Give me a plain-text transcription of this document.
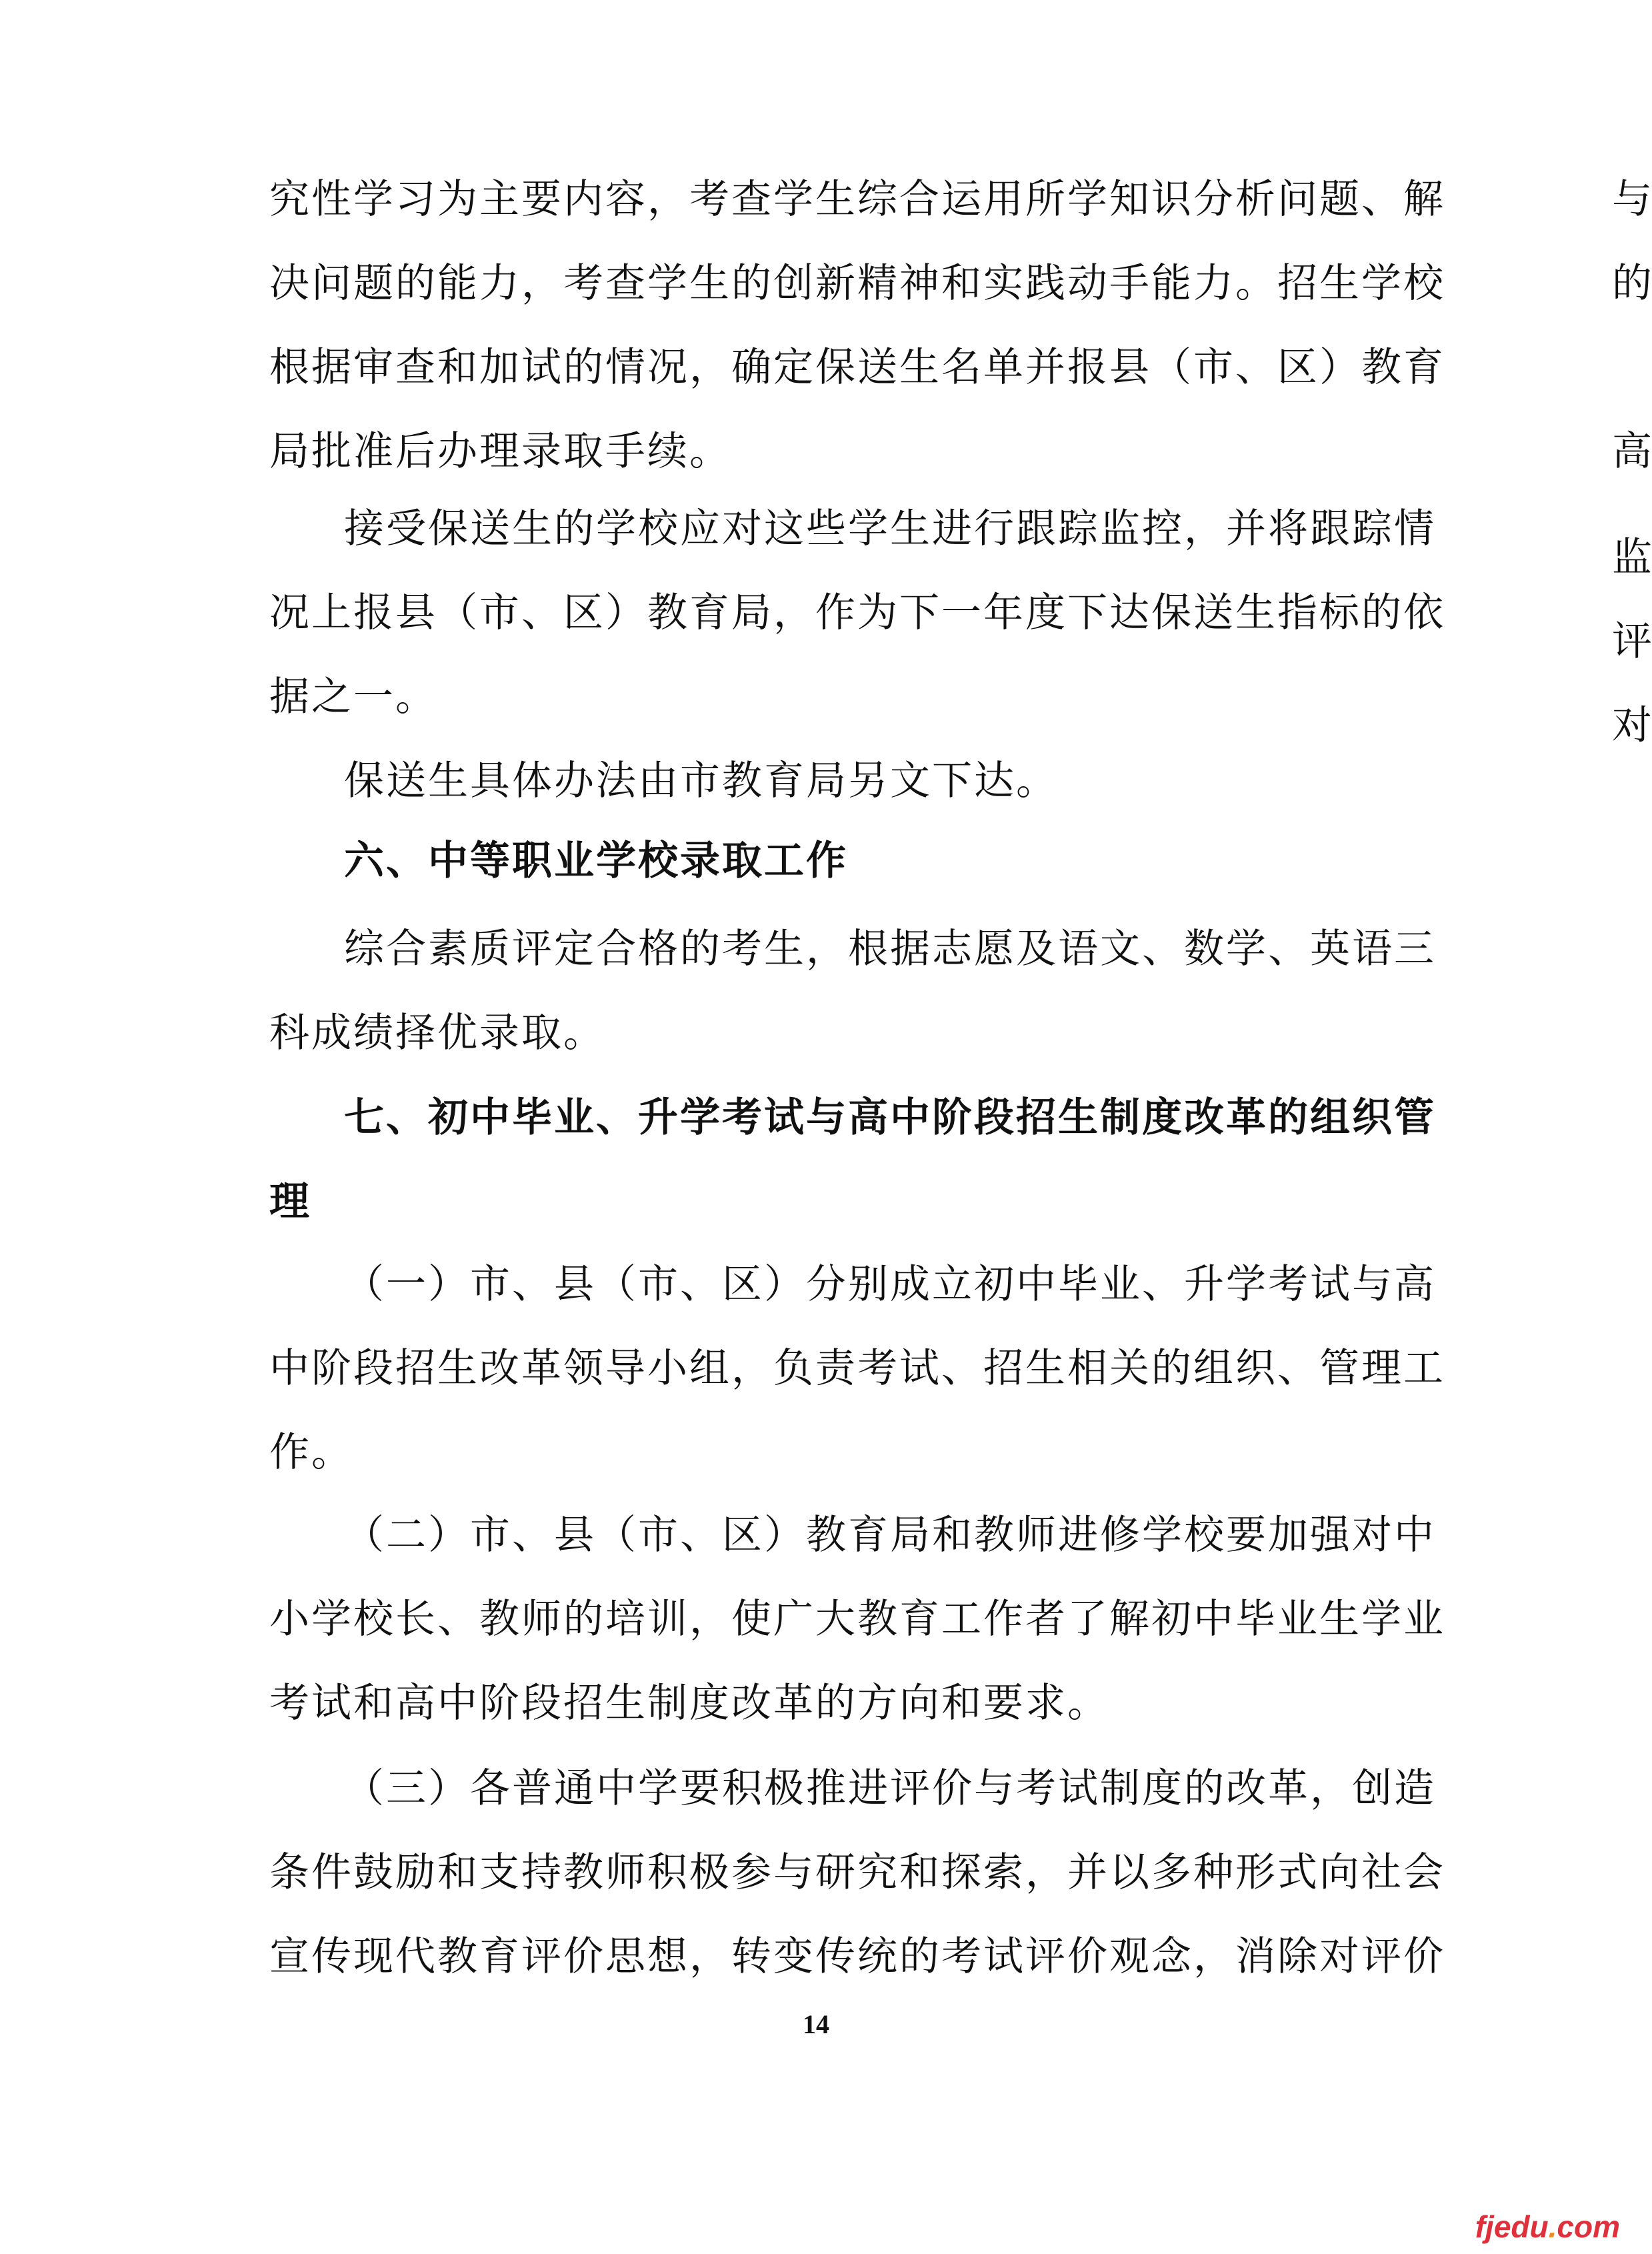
究性学习为主要内容，考查学生综合运用所学知识分析问题、解
决问题的能力，考查学生的创新精神和实践动手能力。招生学校
根据审查和加试的情况，确定保送生名单并报县（市、区）教育
局批准后办理录取手续。
接受保送生的学校应对这些学生进行跟踪监控，并将跟踪情
况上报县（市、区）教育局，作为下一年度下达保送生指标的依
据之一。
保送生具体办法由市教育局另文下达。
六、中等职业学校录取工作
综合素质评定合格的考生，根据志愿及语文、数学、英语三
科成绩择优录取。
七、初中毕业、升学考试与高中阶段招生制度改革的组织管
理
（一）市、县（市、区）分别成立初中毕业、升学考试与高
中阶段招生改革领导小组，负责考试、招生相关的组织、管理工
作。
（二）市、县（市、区）教育局和教师进修学校要加强对中
小学校长、教师的培训，使广大教育工作者了解初中毕业生学业
考试和高中阶段招生制度改革的方向和要求。
（三）各普通中学要积极推进评价与考试制度的改革，创造
条件鼓励和支持教师积极参与研究和探索，并以多种形式向社会
宣传现代教育评价思想，转变传统的考试评价观念，消除对评价
与
的
高
监
评
对
14
fjedu.com
